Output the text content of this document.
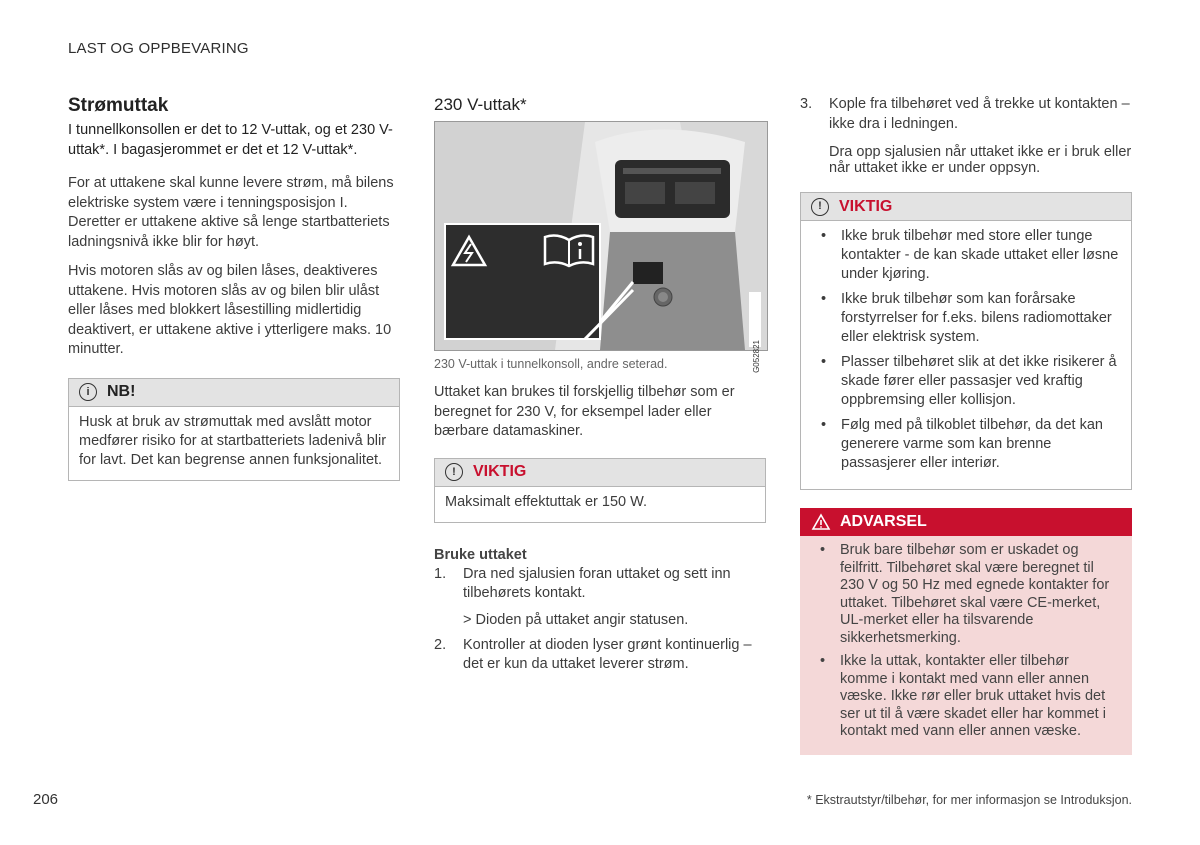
LAST OG OPPBEVARING
Strømuttak

I tunnellkonsollen er det to 12 V-uttak, og et 230 V-uttak*. I bagasjerommet er det et 12 V-uttak*.

For at uttakene skal kunne levere strøm, må bilens elektriske system være i tenningsposisjon I. Deretter er uttakene aktive så lenge startbatteriets ladningsnivå ikke blir for høyt.

Hvis motoren slås av og bilen låses, deaktiveres uttakene. Hvis motoren slås av og bilen blir ulåst eller låses med blokkert låsestilling midlertidig deaktivert, er uttakene aktive i ytterligere maks. 10 minutter.

i	NB!
Husk at bruk av strømuttak med avslått motor medfører risiko for at startbatteriets ladenivå blir for lavt. Det kan begrense annen funksjonalitet.
230 V-uttak*
G052821
230 V-uttak i tunnelkonsoll, andre seterad.

Uttaket kan brukes til forskjellig tilbehør som er beregnet for 230 V, for eksempel lader eller bærbare datamaskiner.

!	VIKTIG
Maksimalt effektuttak er 150 W.
Bruke uttaket
1. Dra ned sjalusien foran uttaket og sett inn tilbehørets kontakt.
> Dioden på uttaket angir statusen.
2. Kontroller at dioden lyser grønt kontinuerlig – det er kun da uttaket leverer strøm.
3. Kople fra tilbehøret ved å trekke ut kontakten – ikke dra i ledningen.
Dra opp sjalusien når uttaket ikke er i bruk eller når uttaket ikke er under oppsyn.
!	VIKTIG
• Ikke bruk tilbehør med store eller tunge kontakter - de kan skade uttaket eller løsne under kjøring.
• Ikke bruk tilbehør som kan forårsake forstyrrelser for f.eks. bilens radiomottaker eller elektrisk system.
• Plasser tilbehøret slik at det ikke risikerer å skade fører eller passasjer ved kraftig oppbremsing eller kollisjon.
• Følg med på tilkoblet tilbehør, da det kan generere varme som kan brenne passasjerer eller interiør.
ADVARSEL
• Bruk bare tilbehør som er uskadet og feilfritt. Tilbehøret skal være beregnet til 230 V og 50 Hz med egnede kontakter for uttaket. Tilbehøret skal være CE-merket, UL-merket eller ha tilsvarende sikkerhetsmerking.
• Ikke la uttak, kontakter eller tilbehør komme i kontakt med vann eller annen væske. Ikke rør eller bruk uttaket hvis det ser ut til å være skadet eller har kommet i kontakt med vann eller annen væske.
206	* Ekstrautstyr/tilbehør, for mer informasjon se Introduksjon.
